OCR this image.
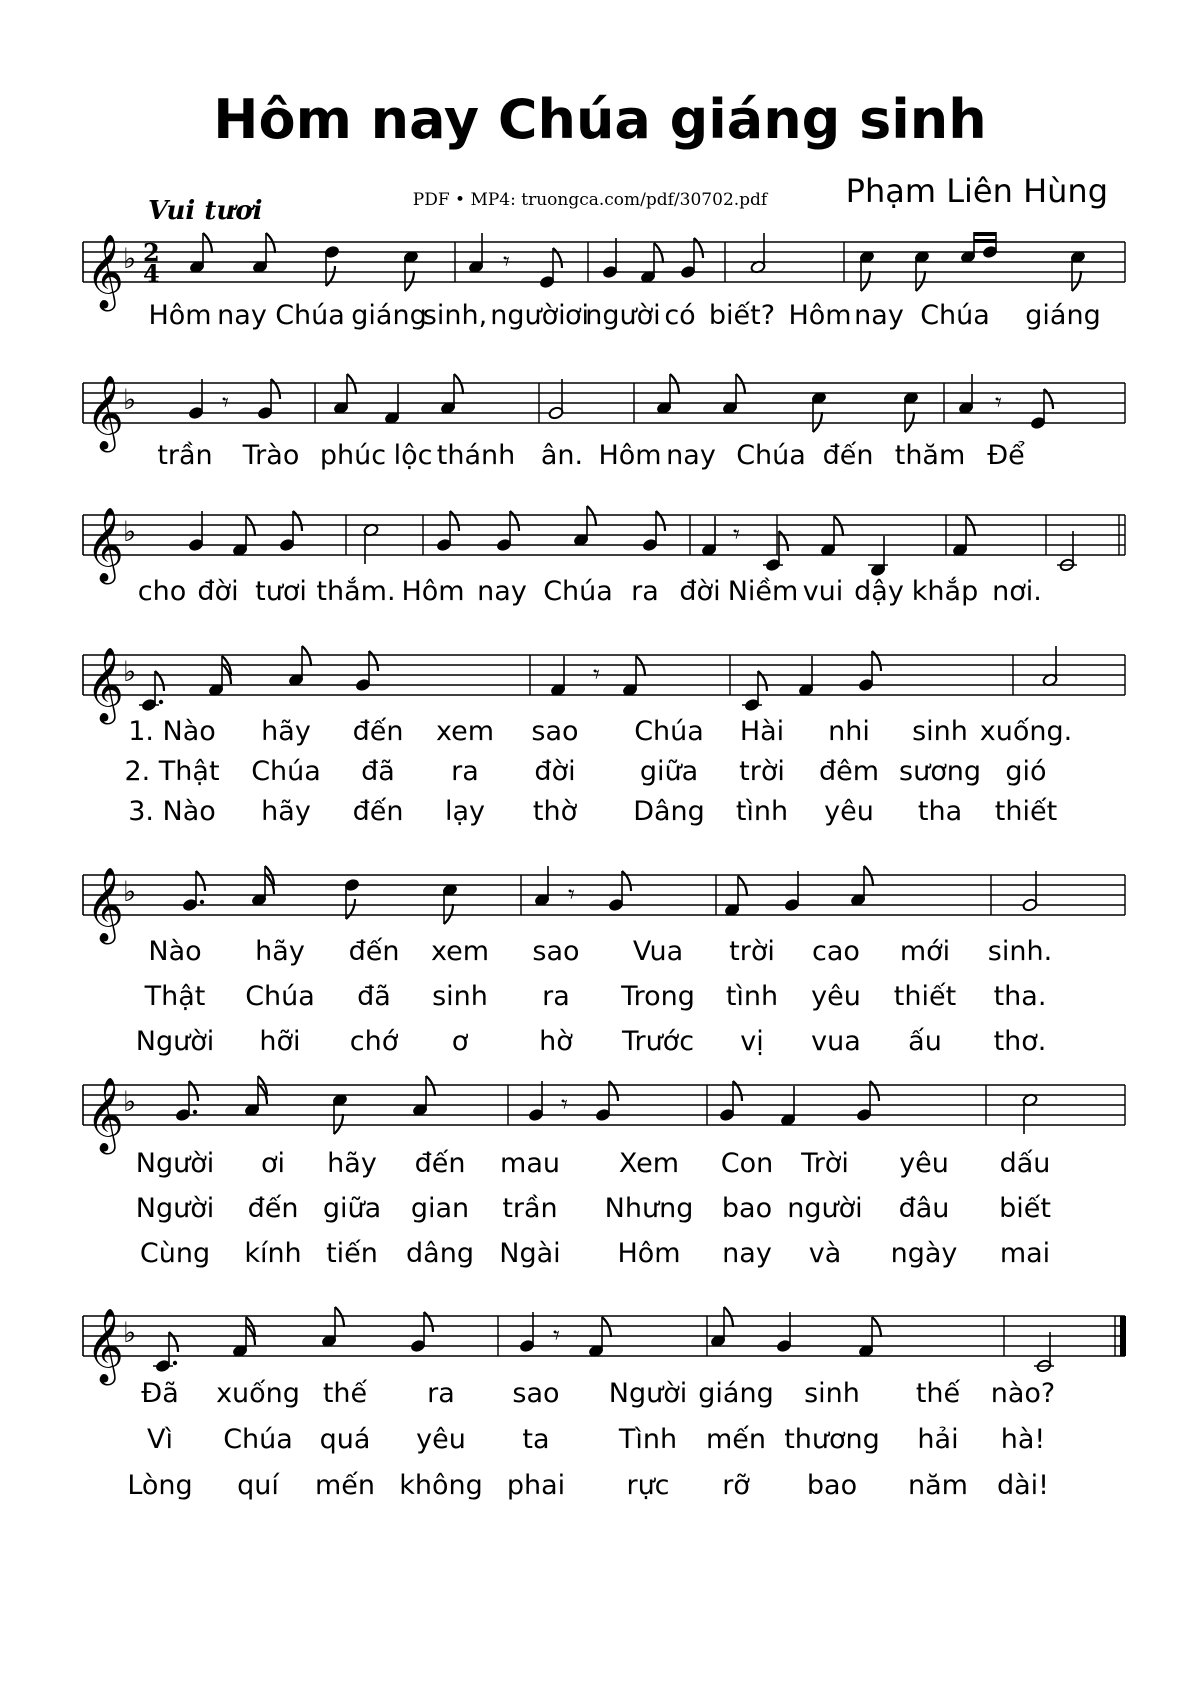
Hôm nay Chúa giáng sinh
Phạm Liên Hùng
PDF • MP4: truongca.com/pdf/30702.pdf
Vui tươi
𝄞 ♭ 2
4	𝄾
𝄞 ♭	𝄾	𝄾
𝄞 ♭	𝄾
𝄞 ♭	𝄾
𝄞 ♭	𝄾
𝄞 ♭	𝄾
𝄞 ♭	𝄾
Hôm nay Chúa giáng
sinh, người ơi
người có biết? Hôm nay Chúa giáng
trần Trào phúc lộc thánh ân. Hôm nay Chúa đến thăm Để
cho đời tươi thắm. Hôm nay Chúa ra đời Niềm vui dậy khắp nơi.
1. Nào hãy đến xem sao Chúa Hài nhi sinh xuống.
2. Thật Chúa đã ra đời giữa trời đêm sương gió
3. Nào hãy đến lạy thờ Dâng tình yêu tha thiết
Nào hãy đến xem sao Vua trời cao mới sinh.
Thật Chúa đã sinh ra Trong tình yêu thiết tha.
Người hỡi chớ ơ	hờ Trước vị vua ấu thơ.
Người ơi hãy đến mau Xem Con Trời yêu dấu
Người đến giữa gian trần Nhưng bao người đâu biết
Cùng kính tiến dâng Ngài Hôm nay và ngày mai
Đã xuống thế ra sao Người giáng sinh thế nào?
Vì Chúa quá yêu ta	Tình mến thương hải hà!
Lòng quí mến không phai rực rỡ bao năm dài!
